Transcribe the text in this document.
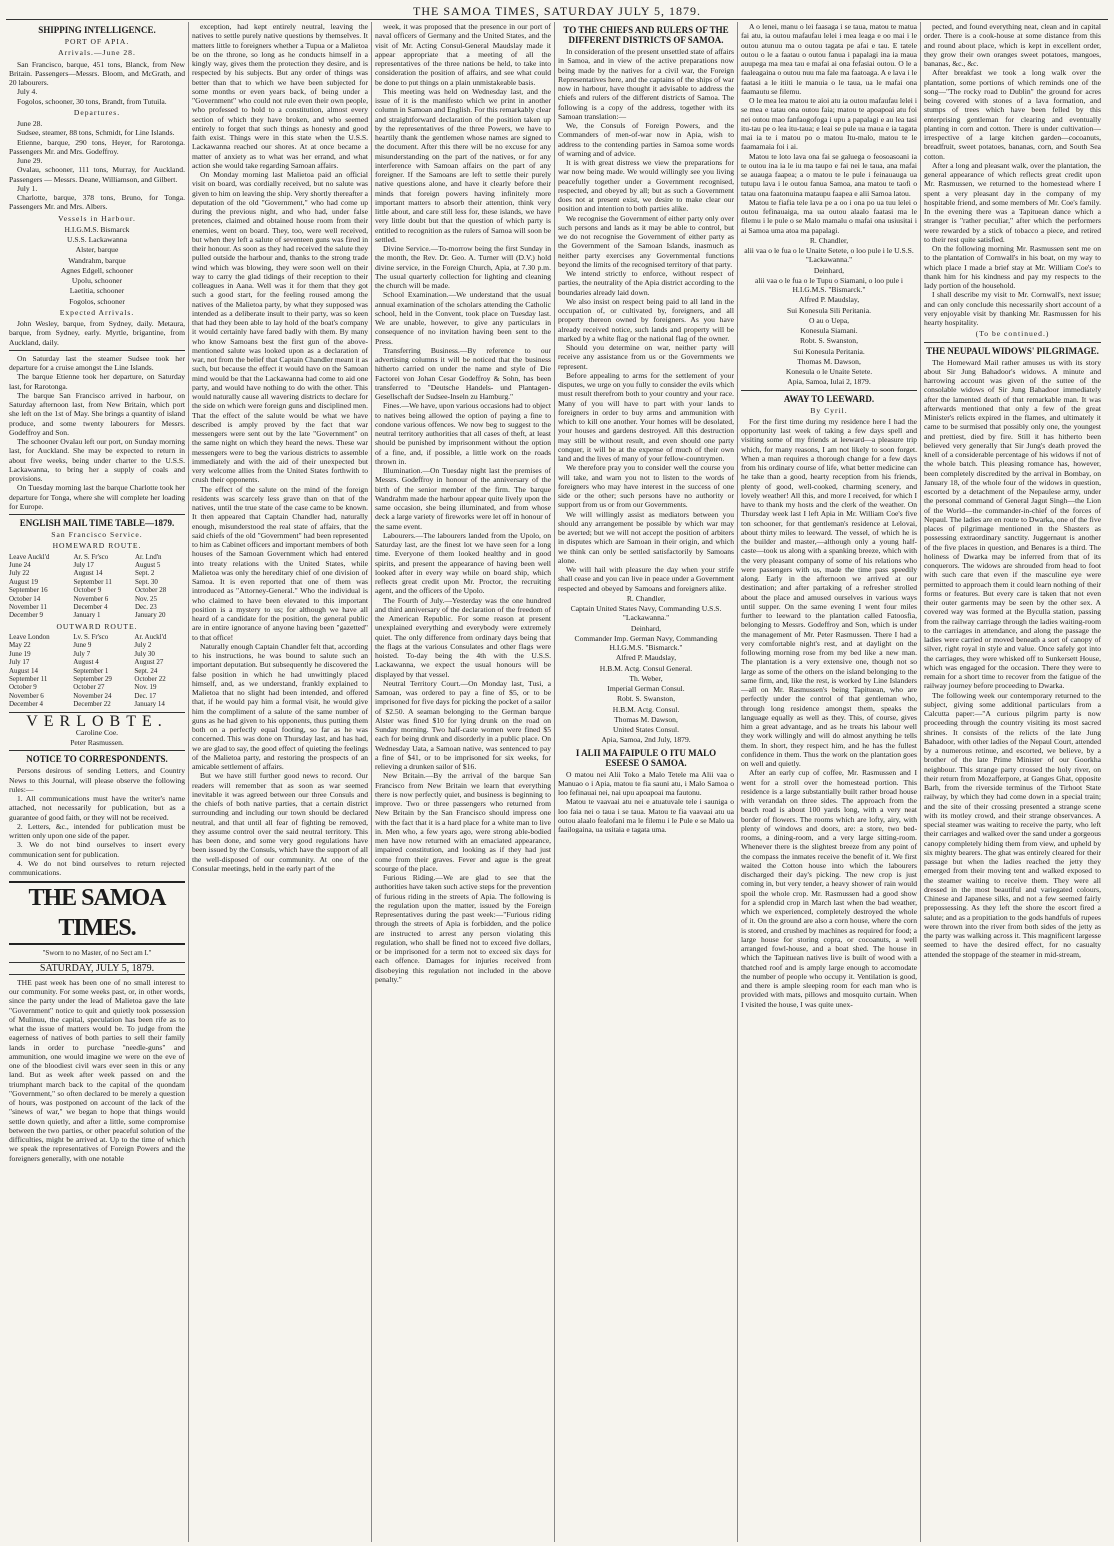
THE SAMOA TIMES, SATURDAY JULY 5, 1879.
SHIPPING INTELLIGENCE.
PORT OF APIA.
Arrivals.—June 28.

San Francisco, barque, 451 tons, Blanck, from New Britain. Passengers—Messrs. Bloom, and McGrath, and 20 labourers.

July 4.

Fogolos, schooner, 30 tons, Brandt, from Tutuila.

Departures.

June 28.

Sudsee, steamer, 88 tons, Schmidt, for Line Islands.

Etienne, barque, 290 tons, Heyer, for Rarotonga. Passengers Mr. and Mrs. Godeffroy.

June 29.

Ovalau, schooner, 111 tons, Murray, for Auckland. Passengers — Messrs. Deane, Williamson, and Gilbert.

July 1.

Charlotte, barque, 378 tons, Bruno, for Tonga. Passengers Mr. and Mrs. Albers.

Vessels in Harbour.
H.I.G.M.S. Bismarck
U.S.S. Lackawanna
Alster, barque
Wandrahm, barque
Agnes Edgell, schooner
Upolu, schooner
Laetitia, schooner
Fogolos, schooner
Expected Arrivals.

John Wesley, barque, from Sydney, daily. Metaura, barque, from Sydney, early. Myrtle, brigantine, from Auckland, daily.

On Saturday last the steamer Sudsee took her departure for a cruise amongst the Line Islands.

The barque Etienne took her departure, on Saturday last, for Rarotonga.

The barque San Francisco arrived in harbour, on Saturday afternoon last, from New Britain, which port she left on the 1st of May. She brings a quantity of island produce, and some twenty labourers for Messrs. Godeffroy and Son.

The schooner Ovalau left our port, on Sunday morning last, for Auckland. She may be expected to return in about five weeks, being under charter to the U.S.S. Lackawanna, to bring her a supply of coals and provisions.

On Tuesday morning last the barque Charlotte took her departure for Tonga, where she will complete her loading for Europe.

ENGLISH MAIL TIME TABLE—1879.
San Francisco Service.
HOMEWARD ROUTE.
Leave Auckl'd	Ar. S. Fr'sco	Ar. Lnd'n
June 24	July 17	August 5
July 22	August 14	Sept. 2
August 19	September 11	Sept. 30
September 16	October 9	October 28
October 14	November 6	Nov. 25
November 11	December 4	Dec. 23
December 9	January 1	January 20
OUTWARD ROUTE.
Leave London	Lv. S. Fr'sco	Ar. Auckl'd
May 22	June 9	July 2
June 19	July 7	July 30
July 17	August 4	August 27
August 14	September 1	Sept. 24
September 11	September 29	October 22
October 9	October 27	Nov. 19
November 6	November 24	Dec. 17
December 4	December 22	January 14
VERLOBTE.
Caroline Coe.
Peter Rasmussen.
NOTICE TO CORRESPONDENTS.

Persons desirous of sending Letters, and Country News to this Journal, will please observe the following rules:—

1. All communications must have the writer's name attached, not necessarily for publication, but as a guarantee of good faith, or they will not be received.

2. Letters, &c., intended for publication must be written only upon one side of the paper.

3. We do not bind ourselves to insert every communication sent for publication.

4. We do not bind ourselves to return rejected communications.

THE SAMOA TIMES.
"Sworn to no Master, of no Sect am I."
SATURDAY, JULY 5, 1879.

THE past week has been one of no small interest to our community. For some weeks past, or, in other words, since the party under the lead of Malietoa gave the late "Government" notice to quit and quietly took possession of Mulinuu, the capital, speculation has been rife as to what the issue of matters would be. To judge from the eagerness of natives of both parties to sell their family lands in order to purchase "needle-guns" and ammunition, one would imagine we were on the eve of one of the bloodiest civil wars ever seen in this or any land. But as week after week passed on and the triumphant march back to the capital of the quondam "Government," so often declared to be merely a question of hours, was postponed on account of the lack of the "sinews of war," we began to hope that things would settle down quietly, and after a little, some compromise between the two parties, or other peaceful solution of the difficulties, might be arrived at. Up to the time of which we speak the representatives of Foreign Powers and the foreigners generally, with one notable

exception, had kept entirely neutral, leaving the natives to settle purely native questions by themselves. It matters little to foreigners whether a Tupua or a Malietoa be on the throne, so long as he conducts himself in a kingly way, gives them the protection they desire, and is respected by his subjects. But any order of things was better than that to which we have been subjected for some months or even years back, of being under a "Government" who could not rule even their own people, who professed to hold to a constitution, almost every section of which they have broken, and who seemed entirely to forget that such things as honesty and good faith exist. Things were in this state when the U.S.S. Lackawanna reached our shores. At at once became a matter of anxiety as to what was her errand, and what action she would take regarding Samoan affairs.

On Monday morning last Malietoa paid an official visit on board, was cordially received, but no salute was given to him on leaving the ship. Very shortly thereafter a deputation of the old "Government," who had come up during the previous night, and who had, under false pretences, claimed and obtained house room from their enemies, went on board. They, too, were well received, but when they left a salute of seventeen guns was fired in their honour. As soon as they had received the salute they pulled outside the harbour and, thanks to the strong trade wind which was blowing, they were soon well on their way to carry the glad tidings of their reception to their colleagues in Aana. Well was it for them that they got such a good start, for the feeling roused among the natives of the Malietoa party, by what they supposed was intended as a deliberate insult to their party, was so keen that had they been able to lay hold of the boat's company it would certainly have fared badly with them. By many who know Samoans best the first gun of the above-mentioned salute was looked upon as a declaration of war, not from the belief that Captain Chandler meant it as such, but because the effect it would have on the Samoan mind would be that the Lackawanna had come to aid one party, and would have nothing to do with the other. This would naturally cause all wavering districts to declare for the side on which were foreign guns and disciplined men. That the effect of the salute would be what we have described is amply proved by the fact that war messengers were sent out by the late "Government" on the same night on which they heard the news. These war messengers were to beg the various districts to assemble immediately and with the aid of their unexpected but very welcome allies from the United States forthwith to crush their opponents.

The effect of the salute on the mind of the foreign residents was scarcely less grave than on that of the natives, until the true state of the case came to be known. It then appeared that Captain Chandler had, naturally enough, misunderstood the real state of affairs, that the said chiefs of the old "Government" had been represented to him as Cabinet officers and important members of both houses of the Samoan Government which had entered into treaty relations with the United States, while Malietoa was only the hereditary chief of one division of Samoa. It is even reported that one of them was introduced as "Attorney-General." Who the individual is who claimed to have been elevated to this important position is a mystery to us; for although we have all heard of a candidate for the position, the general public are in entire ignorance of anyone having been "gazetted" to that office!

Naturally enough Captain Chandler felt that, according to his instructions, he was bound to salute such an important deputation. But subsequently he discovered the false position in which he had unwittingly placed himself, and, as we understand, frankly explained to Malietoa that no slight had been intended, and offered that, if he would pay him a formal visit, he would give him the compliment of a salute of the same number of guns as he had given to his opponents, thus putting them both on a perfectly equal footing, so far as he was concerned. This was done on Thursday last, and has had, we are glad to say, the good effect of quieting the feelings of the Malietoa party, and restoring the prospects of an amicable settlement of affairs.

But we have still further good news to record. Our readers will remember that as soon as war seemed inevitable it was agreed between our three Consuls and the chiefs of both native parties, that a certain district surrounding and including our town should be declared neutral, and that until all fear of fighting be removed, they assume control over the said neutral territory. This has been done, and some very good regulations have been issued by the Consuls, which have the support of all the well-disposed of our community. At one of the Consular meetings, held in the early part of the

week, it was proposed that the presence in our port of naval officers of Germany and the United States, and the visit of Mr. Acting Consul-General Maudslay made it appear appropriate that a meeting of all the representatives of the three nations be held, to take into consideration the position of affairs, and see what could be done to put things on a plain unmistakeable basis.

This meeting was held on Wednesday last, and the issue of it is the manifesto which we print in another column in Samoan and English. For this remarkably clear and straightforward declaration of the position taken up by the representatives of the three Powers, we have to heartily thank the gentlemen whose names are signed to the document. After this there will be no excuse for any misunderstanding on the part of the natives, or for any interference with Samoan affairs on the part of any foreigner. If the Samoans are left to settle their purely native questions alone, and have it clearly before their minds that foreign powers having infinitely more important matters to absorb their attention, think very little about, and care still less for, these islands, we have very little doubt but that the question of which party is entitled to recognition as the rulers of Samoa will soon be settled.

Divine Service.—To-morrow being the first Sunday in the month, the Rev. Dr. Geo. A. Turner will (D.V.) hold divine service, in the Foreign Church, Apia, at 7.30 p.m. The usual quarterly collection for lighting and cleaning the church will be made.

School Examination.—We understand that the usual annual examination of the scholars attending the Catholic school, held in the Convent, took place on Tuesday last. We are unable, however, to give any particulars in consequence of no invitation having been sent to the Press.

Transferring Business.—By reference to our advertising columns it will be noticed that the business hitherto carried on under the name and style of Die Factorei von Johan Cesar Godeffroy & Sohn, has been transferred to "Deutsche Handels- und Plantagen-Gesellschaft der Sudsee-Inseln zu Hamburg."

Fines.—We have, upon various occasions had to object to natives being allowed the option of paying a fine to condone various offences. We now beg to suggest to the neutral territory authorities that all cases of theft, at least should be punished by imprisonment without the option of a fine, and, if possible, a little work on the roads thrown in.

Illumination.—On Tuesday night last the premises of Messrs. Godeffroy in honour of the anniversary of the birth of the senior member of the firm. The barque Wandrahm made the harbour appear quite lively upon the same occasion, she being illuminated, and from whose deck a large variety of fireworks were let off in honour of the same event.

Labourers.—The labourers landed from the Upolo, on Saturday last, are the finest lot we have seen for a long time. Everyone of them looked healthy and in good spirits, and present the appearance of having been well looked after in every way while on board ship, which reflects great credit upon Mr. Proctor, the recruiting agent, and the officers of the Upolo.

The Fourth of July.—Yesterday was the one hundred and third anniversary of the declaration of the freedom of the American Republic. For some reason at present unexplained everything and everybody were extremely quiet. The only difference from ordinary days being that the flags at the various Consulates and other flags were hoisted. To-day being the 4th with the U.S.S. Lackawanna, we expect the usual honours will be displayed by that vessel.

Neutral Territory Court.—On Monday last, Tusi, a Samoan, was ordered to pay a fine of $5, or to be imprisoned for five days for picking the pocket of a sailor of $2.50. A seaman belonging to the German barque Alster was fined $10 for lying drunk on the road on Sunday morning. Two half-caste women were fined $5 each for being drunk and disorderly in a public place. On Wednesday Uata, a Samoan native, was sentenced to pay a fine of $41, or to be imprisoned for six weeks, for relieving a drunken sailor of $16.

New Britain.—By the arrival of the barque San Francisco from New Britain we learn that everything there is now perfectly quiet, and business is beginning to improve. Two or three passengers who returned from New Britain by the San Francisco should impress one with the fact that it is a hard place for a white man to live in. Men who, a few years ago, were strong able-bodied men have now returned with an emaciated appearance, impaired constitution, and looking as if they had just come from their graves. Fever and ague is the great scourge of the place.

Furious Riding.—We are glad to see that the authorities have taken such active steps for the prevention of furious riding in the streets of Apia. The following is the regulation upon the matter, issued by the Foreign Representatives during the past week:—"Furious riding through the streets of Apia is forbidden, and the police are instructed to arrest any person violating this regulation, who shall be fined not to exceed five dollars, or be imprisoned for a term not to exceed six days for each offence. Damages for injuries received from disobeying this regulation not included in the above penalty."

TO THE CHIEFS AND RULERS OF THE DIFFERENT DISTRICTS OF SAMOA.

In consideration of the present unsettled state of affairs in Samoa, and in view of the active preparations now being made by the natives for a civil war, the Foreign Representatives here, and the captains of the ships of war now in harbour, have thought it advisable to address the chiefs and rulers of the different districts of Samoa. The following is a copy of the address, together with its Samoan translation:—

We, the Consuls of Foreign Powers, and the Commanders of men-of-war now in Apia, wish to address to the contending parties in Samoa some words of warning and of advice.

It is with great distress we view the preparations for war now being made. We would willingly see you living peacefully together under a Government recognised, respected, and obeyed by all; but as such a Government does not at present exist, we desire to make clear our position and intention to both parties alike.

We recognise the Government of either party only over such persons and lands as it may be able to control, but we do not recognise the Government of either party as the Government of the Samoan Islands, inasmuch as neither party exercises any Governmental functions beyond the limits of the recognised territory of that party.

We intend strictly to enforce, without respect of parties, the neutrality of the Apia district according to the boundaries already laid down.

We also insist on respect being paid to all land in the occupation of, or cultivated by, foreigners, and all property thereon owned by foreigners. As you have already received notice, such lands and property will be marked by a white flag or the national flag of the owner.

Should you determine on war, neither party will receive any assistance from us or the Governments we represent.

Before appealing to arms for the settlement of your disputes, we urge on you fully to consider the evils which must result therefrom both to your country and your race. Many of you will have to part with your lands to foreigners in order to buy arms and ammunition with which to kill one another. Your homes will be desolated, your houses and gardens destroyed. All this destruction may still be without result, and even should one party conquer, it will be at the expense of much of their own land and the lives of many of your fellow-countrymen.

We therefore pray you to consider well the course you will take, and warn you not to listen to the words of foreigners who may have interest in the success of one side or the other; such persons have no authority or support from us or from our Governments.

We will willingly assist as mediators between you should any arrangement be possible by which war may be averted; but we will not accept the position of arbiters in disputes which are Samoan in their origin, and which we think can only be settled satisfactorily by Samoans alone.

We will hail with pleasure the day when your strife shall cease and you can live in peace under a Government respected and obeyed by Samoans and foreigners alike.

R. Chandler,
Captain United States Navy, Commanding U.S.S. "Lackawanna."
Deinhard,
Commander Imp. German Navy, Commanding H.I.G.M.S. "Bismarck."
Alfred P. Maudslay,
H.B.M. Actg. Consul General.
Th. Weber,
Imperial German Consul.
Robt. S. Swanston,
H.B.M. Actg. Consul.
Thomas M. Dawson,
United States Consul.
Apia, Samoa, 2nd July, 1879.
I ALII MA FAIPULE O ITU MALO ESEESE O SAMOA.

O matou nei Alii Toko a Malo Tetele ma Alii vaa o Manuao o i Apia, matou te fia sauni atu, i Malo Samoa o loo fefinauai nei, nai upu apoapoai ma fautonu.

Matou te vaavaai atu nei e atuatuvale tele i sauniga o loo faia nei o taua i se taua. Matou te fia vaavaai atu ua outou alaalo fealofani ma le filemu i le Pule e se Malo ua faailogaina, ua usitaia e tagata uma.

A o lenei, manu o lei faasaga i se taua, matou te matua fai atu, ia outou mafaufau lelei i mea leaga e oo mai i le outou atunuu ma o outou tagata pe afai e tau. E tatele outou o le a faatau o outou fanua i papalagi ina ia maua auupega ma mea tau e mafai ai ona fefasiai outou. O le a faaleagaina o outou nuu ma fale ma faatoaga. A e lava i le faatasi a le itiiti le manuia o le taua, ua le mafai ona faamautu se filemu.

O le mea lea matou te aioi atu ia outou mafaufau lelei i se mea e tatau ona outou faia; matou te apoapoai atu foi nei outou mao fanfaogofoga i upu a papalagi e au lea tasi itu-tau pe o lea itu-taua; e leai se pule ua maua e ia tagata mai ia te i matou po o matou Itu-malo, matou te le faamamaia foi i ai.

Matou te loto lava ona fai se galuega o feosoasoani ia te outou ina ia le iu ma taupo e fai nei le taua, ana mafai se auauga faapea; a o matou te le pule i feinauauga ua tutupu lava i le outou fanua Samoa, ana matou te taofi o tatau ona faatonuina mataupu faapea e alii Samoa latou.

Matou te fiafia tele lava pe a oo i ona po ua tuu lelei o outou fefinauaiga, ma ua outou alaalo faatasi ma le filemu i le pule o se Malo mamalu o mafai ona usiusitai i ai Samoa uma atoa ma papalagi.

R. Chandler,
alii vaa o le fua o le Unaite Setete, o loo pule i le U.S.S. "Lackawanna."
Deinhard,
alii vaa o le fua o le Tupu o Siamani, o loo pule i H.I.G.M.S. "Bismarck."
Alfred P. Maudslay,
Sui Konesula Sili Peritania.
O au o Uepa,
Konesula Siamani.
Robt. S. Swanston,
Sui Konesula Peritania.
Thomas M. Dawson,
Konesula o le Unaite Setete.
Apia, Samoa, Iulai 2, 1879.
AWAY TO LEEWARD.
By Cyril.

For the first time during my residence here I had the opportunity last week of taking a few days spell and visiting some of my friends at leeward—a pleasure trip which, for many reasons, I am not likely to soon forget. When a man requires a thorough change for a few days from his ordinary course of life, what better medicine can he take than a good, hearty reception from his friends, plenty of good, well-cooked, charming scenery, and lovely weather! All this, and more I received, for which I have to thank my hosts and the clerk of the weather. On Thursday week last I left Apia in Mr. William Coe's five ton schooner, for that gentleman's residence at Lelovai, about thirty miles to leeward. The vessel, of which he is the builder and master,—although only a young half-caste—took us along with a spanking breeze, which with the very pleasant company of some of his relations who were passengers with us, made the time pass speedily along. Early in the afternoon we arrived at our destination; and after partaking of a refresher strolled about the place and amused ourselves in various ways until supper. On the same evening I went four miles further to leeward to the plantation called Fatoosfia, belonging to Messrs. Godeffroy and Son, which is under the management of Mr. Peter Rasmussen. There I had a very comfortable night's rest, and at daylight on the following morning rose from my bed like a new man. The plantation is a very extensive one, though not so large as some of the others on the island belonging to the same firm, and, like the rest, is worked by Line Islanders—all on Mr. Rasmussen's being Tapituean, who are perfectly under the control of that gentleman who, through long residence amongst them, speaks the language equally as well as they. This, of course, gives him a great advantage, and as he treats his labour well they work willingly and will do almost anything he tells them. In short, they respect him, and he has the fullest confidence in them. Thus the work on the plantation goes on well and quietly.

After an early cup of coffee, Mr. Rasmussen and I went for a stroll over the homestead portion. This residence is a large substantially built rather broad house with verandah on three sides. The approach from the beach road is about 100 yards long, with a very neat border of flowers. The rooms which are lofty, airy, with plenty of windows and doors, are: a store, two bed-rooms, a dining-room, and a very large sitting-room. Whenever there is the slightest breeze from any point of the compass the inmates receive the benefit of it. We first waited the Cotton house into which the labourers discharged their day's picking. The new crop is just coming in, but very tender, a heavy shower of rain would spoil the whole crop. Mr. Rasmussen had a good show for a splendid crop in March last when the bad weather, which we experienced, completely destroyed the whole of it. On the ground are also a corn house, where the corn is stored, and crushed by machines as required for food; a large house for storing copra, or cocoanuts, a well arranged fowl-house, and a boat shed. The house in which the Tapituean natives live is built of wood with a thatched roof and is amply large enough to accomodate the number of people who occupy it. Ventilation is good, and there is ample sleeping room for each man who is provided with mats, pillows and mosquito curtain. When I visited the house, I was quite unex-

pected, and found everything neat, clean and in capital order. There is a cook-house at some distance from this and round about place, which is kept in excellent order, they grow their own oranges sweet potatoes, mangoes, bananas, &c., &c.

After breakfast we took a long walk over the plantation, some portions of which reminds one of the song—"The rocky road to Dublin" the ground for acres being covered with stones of a lava formation, and stumps of trees which have been felled by this enterprising gentleman for clearing and eventually planting in corn and cotton. There is under cultivation—irrespective of a large kitchen garden—cocoanuts, breadfruit, sweet potatoes, bananas, corn, and South Sea cotton.

After a long and pleasant walk, over the plantation, the general appearance of which reflects great credit upon Mr. Rasmussen, we returned to the homestead where I spent a very pleasant day in the company of my hospitable friend, and some members of Mr. Coe's family. In the evening there was a Tapituean dance which a stranger is "rather peculiar," after which the performers were rewarded by a stick of tobacco a piece, and retired to their rest quite satisfied.

On the following morning Mr. Rasmussen sent me on to the plantation of Cornwall's in his boat, on my way to which place I made a brief stay at Mr. William Coe's to thank him for his kindness and pay my respects to the lady portion of the household.

I shall describe my visit to Mr. Cornwall's, next issue; and can only conclude this necessarily short account of a very enjoyable visit by thanking Mr. Rasmussen for his hearty hospitality.

(To be continued.)
THE NEUPAUL WIDOWS' PILGRIMAGE.

The Homeward Mail rather amuses us with its story about Sir Jung Bahadoor's widows. A minute and harrowing account was given of the suttee of the consolable widows of Sir Jung Bahadoor immediately after the lamented death of that remarkable man. It was afterwards mentioned that only a few of the great Minister's relicts expired in the flames, and ultimately it came to be surmised that possibly only one, the youngest and prettiest, died by fire. Still it has hitherto been believed very generally that Sir Jung's death proved the knell of a considerable percentage of his widows if not of the whole batch. This pleasing romance has, however, been completely discredited by the arrival in Bombay, on January 18, of the whole four of the widows in question, escorted by a detachment of the Nepaulese army, under the personal command of General Jagut Singh—the Lion of the World—the commander-in-chief of the forces of Nepaul. The ladies are en route to Dwarka, one of the five places of pilgrimage mentioned in the Shasters as possessing extraordinary sanctity. Juggernaut is another of the five places in question, and Benares is a third. The holiness of Dwarka may be inferred from that of its conquerors. The widows are shrouded from head to foot with such care that even if the masculine eye were permitted to approach them it could learn nothing of their forms or features. But every care is taken that not even their outer garments may be seen by the other sex. A covered way was formed at the Byculla station, passing from the railway carriage through the ladies waiting-room to the carriages in attendance, and along the passage the ladies were carried or moved beneath a sort of canopy of silver, right royal in style and value. Once safely got into the carriages, they were whisked off to Sunkersett House, which was engaged for the occasion. There they were to remain for a short time to recover from the fatigue of the railway journey before proceeding to Dwarka.

The following week our contemporary returned to the subject, giving some additional particulars from a Calcutta paper:—"A curious pilgrim party is now proceeding through the country visiting its most sacred shrines. It consists of the relicts of the late Jung Bahadoor, with other ladies of the Nepaul Court, attended by a numerous retinue, and escorted, we believe, by a brother of the late Prime Minister of our Goorkha neighbour. This strange party crossed the holy river, on their return from Mozafferpore, at Ganges Ghat, opposite Barh, from the riverside terminus of the Tirhoot State railway, by which they had come down in a special train; and the site of their crossing presented a strange scene with its motley crowd, and their strange observances. A special steamer was waiting to receive the party, who left their carriages and walked over the sand under a gorgeous canopy completely hiding them from view, and upheld by six mighty bearers. The ghat was entirely cleared for their passage but when the ladies reached the jetty they emerged from their moving tent and walked exposed to the steamer waiting to receive them. They were all dressed in the most beautiful and variegated colours, Chinese and Japanese silks, and not a few seemed fairly prepossessing. As they left the shore the escort fired a salute; and as a propitiation to the gods handfuls of rupees were thrown into the river from both sides of the jetty as the party was walking across it. This magnificent largesse seemed to have the desired effect, for no casualty attended the stoppage of the steamer in mid-stream,
